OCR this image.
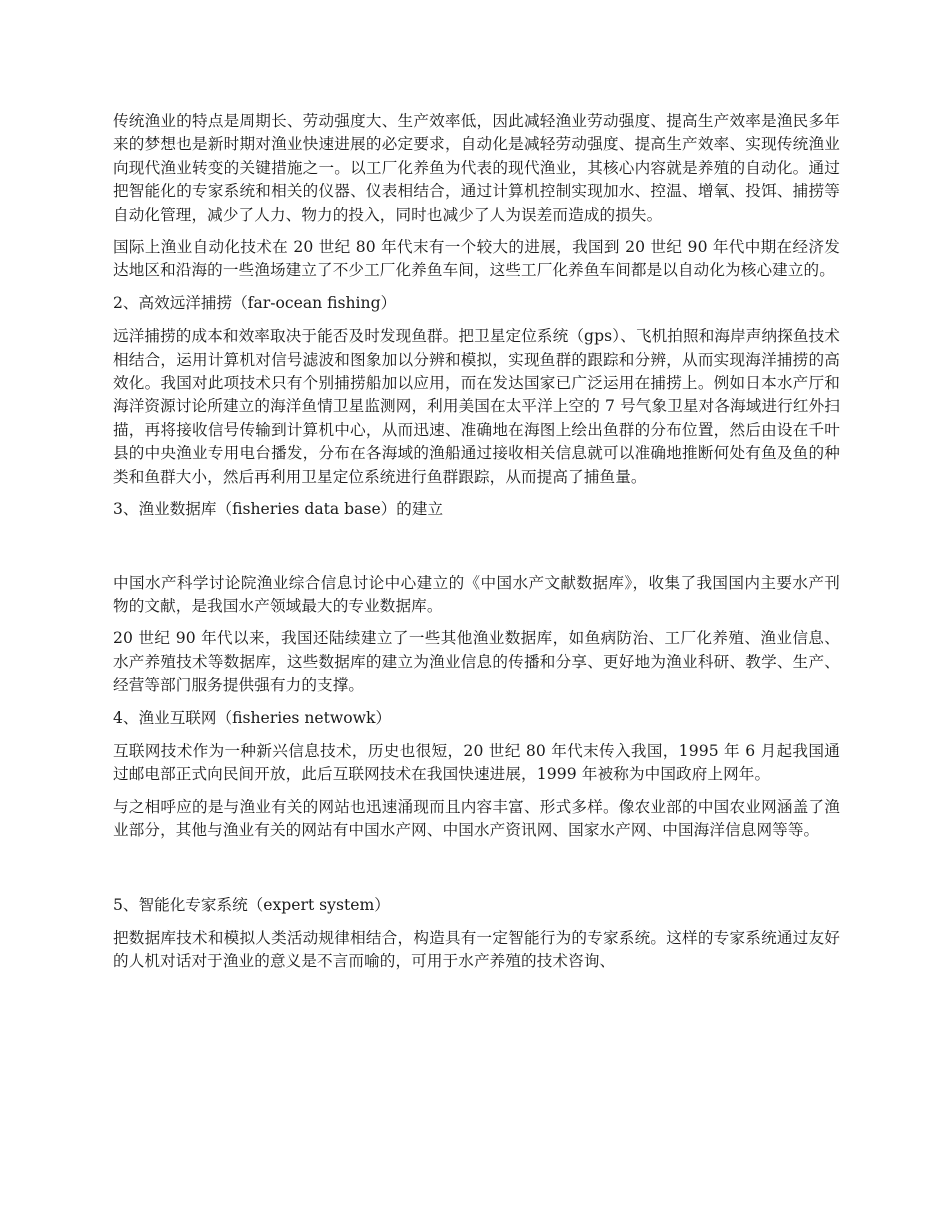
传统渔业的特点是周期长、劳动强度大、生产效率低，因此减轻渔业劳动强度、提高生产效率是渔民多年来的梦想也是新时期对渔业快速进展的必定要求，自动化是减轻劳动强度、提高生产效率、实现传统渔业向现代渔业转变的关键措施之一。以工厂化养鱼为代表的现代渔业，其核心内容就是养殖的自动化。通过把智能化的专家系统和相关的仪器、仪表相结合，通过计算机控制实现加水、控温、增氧、投饵、捕捞等自动化管理，减少了人力、物力的投入，同时也减少了人为误差而造成的损失。

国际上渔业自动化技术在 20 世纪 80 年代末有一个较大的进展，我国到 20 世纪 90 年代中期在经济发达地区和沿海的一些渔场建立了不少工厂化养鱼车间，这些工厂化养鱼车间都是以自动化为核心建立的。

2、高效远洋捕捞（far-ocean fishing）

远洋捕捞的成本和效率取决于能否及时发现鱼群。把卫星定位系统（gps）、飞机拍照和海岸声纳探鱼技术相结合，运用计算机对信号滤波和图象加以分辨和模拟，实现鱼群的跟踪和分辨，从而实现海洋捕捞的高效化。我国对此项技术只有个别捕捞船加以应用，而在发达国家已广泛运用在捕捞上。例如日本水产厅和海洋资源讨论所建立的海洋鱼情卫星监测网，利用美国在太平洋上空的 7 号气象卫星对各海域进行红外扫描，再将接收信号传输到计算机中心，从而迅速、准确地在海图上绘出鱼群的分布位置，然后由设在千叶县的中央渔业专用电台播发，分布在各海域的渔船通过接收相关信息就可以准确地推断何处有鱼及鱼的种类和鱼群大小，然后再利用卫星定位系统进行鱼群跟踪，从而提高了捕鱼量。

3、渔业数据库（fisheries data base）的建立

中国水产科学讨论院渔业综合信息讨论中心建立的《中国水产文献数据库》，收集了我国国内主要水产刊物的文献，是我国水产领域最大的专业数据库。

20 世纪 90 年代以来，我国还陆续建立了一些其他渔业数据库，如鱼病防治、工厂化养殖、渔业信息、水产养殖技术等数据库，这些数据库的建立为渔业信息的传播和分享、更好地为渔业科研、教学、生产、经营等部门服务提供强有力的支撑。

4、渔业互联网（fisheries netwowk）

互联网技术作为一种新兴信息技术，历史也很短，20 世纪 80 年代末传入我国，1995 年 6 月起我国通过邮电部正式向民间开放，此后互联网技术在我国快速进展，1999 年被称为中国政府上网年。

与之相呼应的是与渔业有关的网站也迅速涌现而且内容丰富、形式多样。像农业部的中国农业网涵盖了渔业部分，其他与渔业有关的网站有中国水产网、中国水产资讯网、国家水产网、中国海洋信息网等等。

5、智能化专家系统（expert system）

把数据库技术和模拟人类活动规律相结合，构造具有一定智能行为的专家系统。这样的专家系统通过友好的人机对话对于渔业的意义是不言而喻的，可用于水产养殖的技术咨询、
